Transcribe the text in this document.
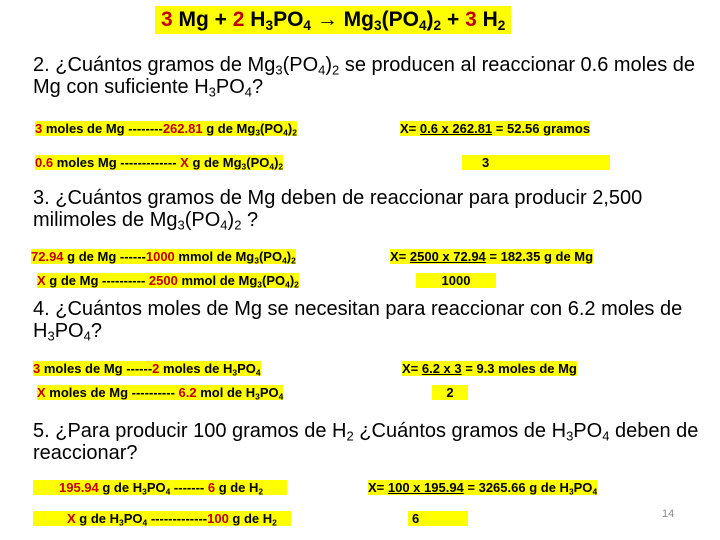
3 Mg + 2 $H_3PO_4 \to Mg_3(PO_4)_2 + 3$ $H_2$
2. ¿Cuántos gramos de $Mg_3(PO_4)_2$ se producen al reaccionar 0.6 moles de Mg con suficiente $H_3PO_4$?
3 moles de Mg --------262.81 g de $Mg_3(PO_4)_2$
0.6 moles Mg ------------- X g de $Mg_3(PO_4)_2$
X= 0.6 x 262.81 = 52.56 gramos
3
3. ¿Cuántos gramos de Mg deben de reaccionar para producir 2,500 milimoles de $Mg_3(PO_4)_2$ ?
72.94 g de Mg ------1000 mmol de $Mg_3(PO_4)_2$
X g de Mg ---------- 2500 mmol de $Mg_3(PO_4)_2$
X= 2500 x 72.94 = 182.35 g de Mg
1000
4. ¿Cuántos moles de Mg se necesitan para reaccionar con 6.2 moles de $H_3PO_4$?
3 moles de Mg ------2 moles de $H_3PO_4$
X moles de Mg ---------- 6.2 mol de $H_3PO_4$
X= 6.2 x 3 = 9.3 moles de Mg
2
5. ¿Para producir 100 gramos de $H_2$ ¿Cuántos gramos de $H_3PO_4$ deben de reaccionar?
195.94 g de $H_3PO_4$ ------- 6 g de $H_2$
X g de $H_3PO_4$ -------------100 g de $H_2$
X= 100 x 195.94 = 3265.66 g de $H_3PO_4$
6	14
